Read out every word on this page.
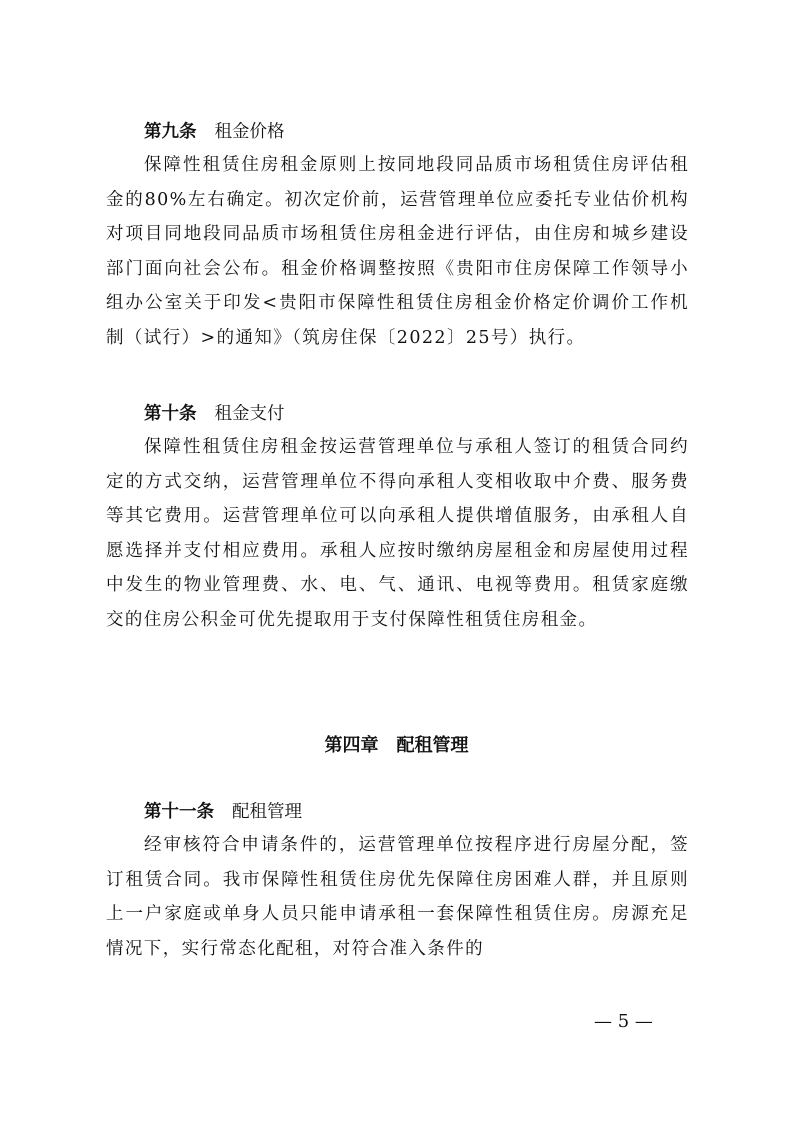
第九条 租金价格

保障性租赁住房租金原则上按同地段同品质市场租赁住房评估租金的80%左右确定。初次定价前，运营管理单位应委托专业估价机构对项目同地段同品质市场租赁住房租金进行评估，由住房和城乡建设部门面向社会公布。租金价格调整按照《贵阳市住房保障工作领导小组办公室关于印发<贵阳市保障性租赁住房租金价格定价调价工作机制（试行）>的通知》（筑房住保〔2022〕25号）执行。

第十条 租金支付

保障性租赁住房租金按运营管理单位与承租人签订的租赁合同约定的方式交纳，运营管理单位不得向承租人变相收取中介费、服务费等其它费用。运营管理单位可以向承租人提供增值服务，由承租人自愿选择并支付相应费用。承租人应按时缴纳房屋租金和房屋使用过程中发生的物业管理费、水、电、气、通讯、电视等费用。租赁家庭缴交的住房公积金可优先提取用于支付保障性租赁住房租金。

第四章 配租管理
第十一条 配租管理

经审核符合申请条件的，运营管理单位按程序进行房屋分配，签订租赁合同。我市保障性租赁住房优先保障住房困难人群，并且原则上一户家庭或单身人员只能申请承租一套保障性租赁住房。房源充足情况下，实行常态化配租，对符合准入条件的

— 5 —
